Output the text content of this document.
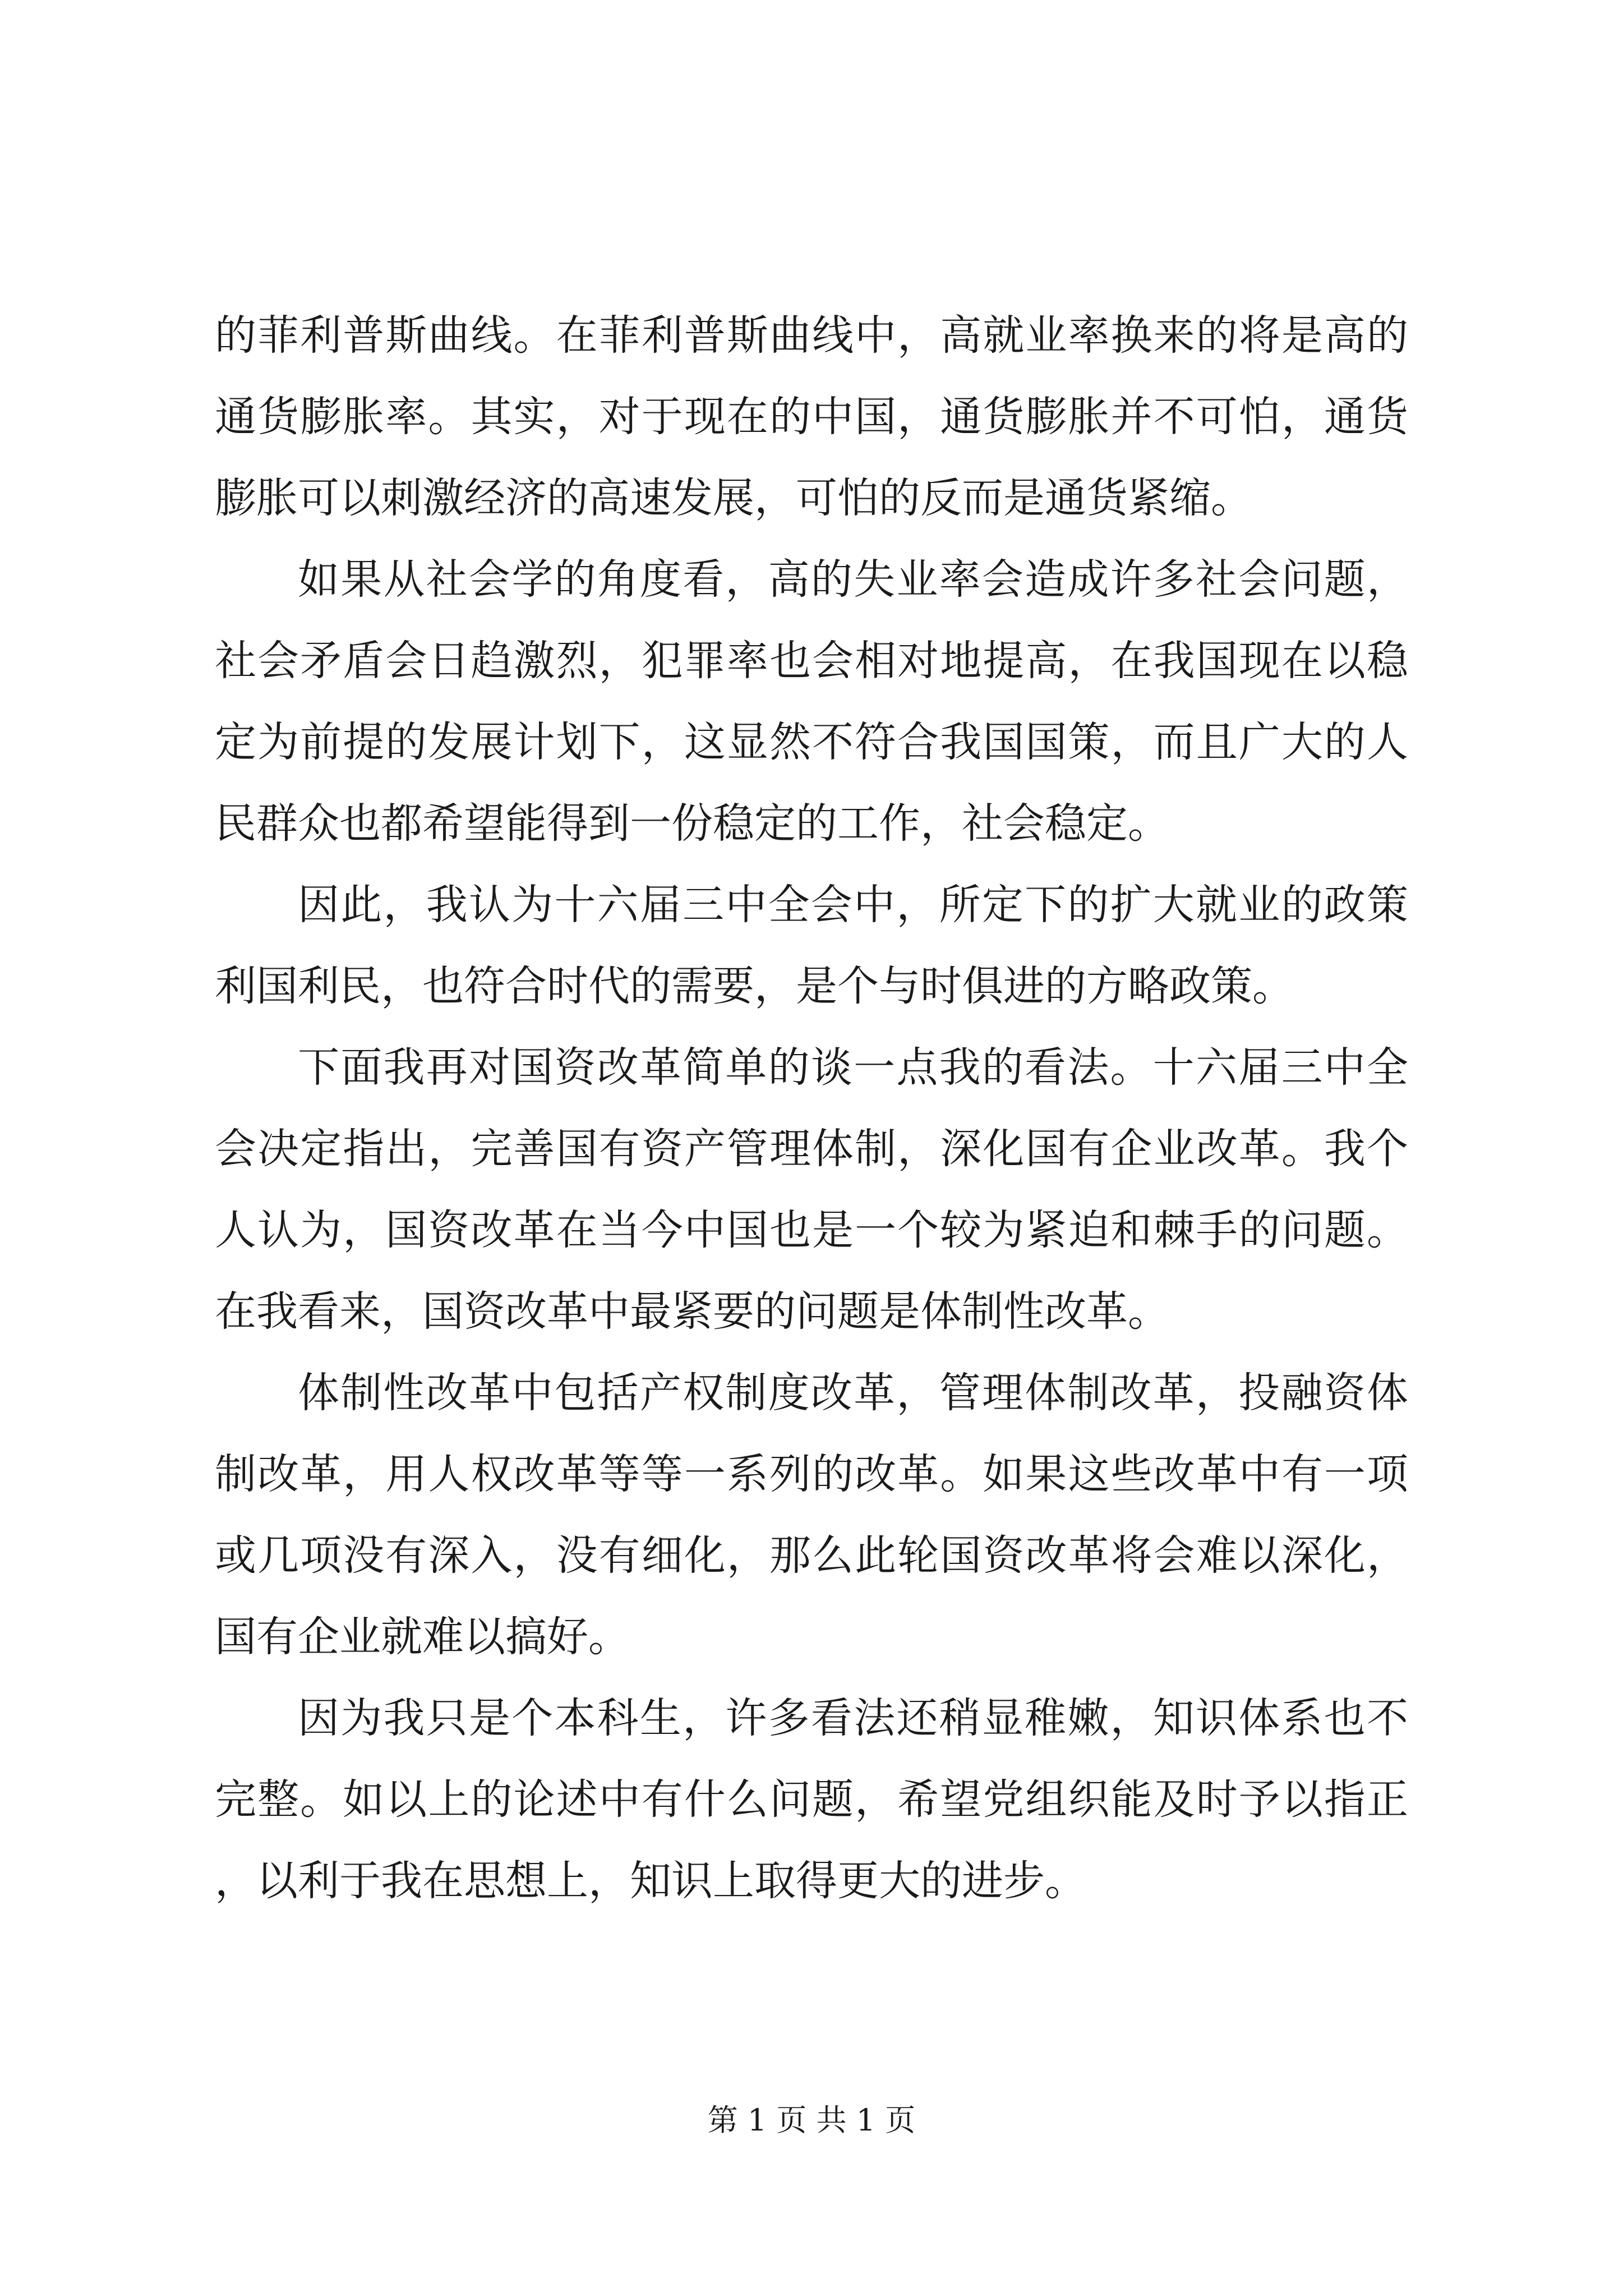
的菲利普斯曲线。在菲利普斯曲线中，高就业率换来的将是高的通货膨胀率。其实，对于现在的中国，通货膨胀并不可怕，通货膨胀可以刺激经济的高速发展，可怕的反而是通货紧缩。

如果从社会学的角度看，高的失业率会造成许多社会问题，社会矛盾会日趋激烈，犯罪率也会相对地提高，在我国现在以稳定为前提的发展计划下，这显然不符合我国国策，而且广大的人民群众也都希望能得到一份稳定的工作，社会稳定。

因此，我认为十六届三中全会中，所定下的扩大就业的政策利国利民，也符合时代的需要，是个与时俱进的方略政策。

下面我再对国资改革简单的谈一点我的看法。十六届三中全会决定指出，完善国有资产管理体制，深化国有企业改革。我个人认为，国资改革在当今中国也是一个较为紧迫和棘手的问题。在我看来，国资改革中最紧要的问题是体制性改革。

体制性改革中包括产权制度改革，管理体制改革，投融资体制改革，用人权改革等等一系列的改革。如果这些改革中有一项或几项没有深入，没有细化，那么此轮国资改革将会难以深化，国有企业就难以搞好。

因为我只是个本科生，许多看法还稍显稚嫩，知识体系也不完整。如以上的论述中有什么问题，希望党组织能及时予以指正，以利于我在思想上，知识上取得更大的进步。

第 1 页 共 1 页
